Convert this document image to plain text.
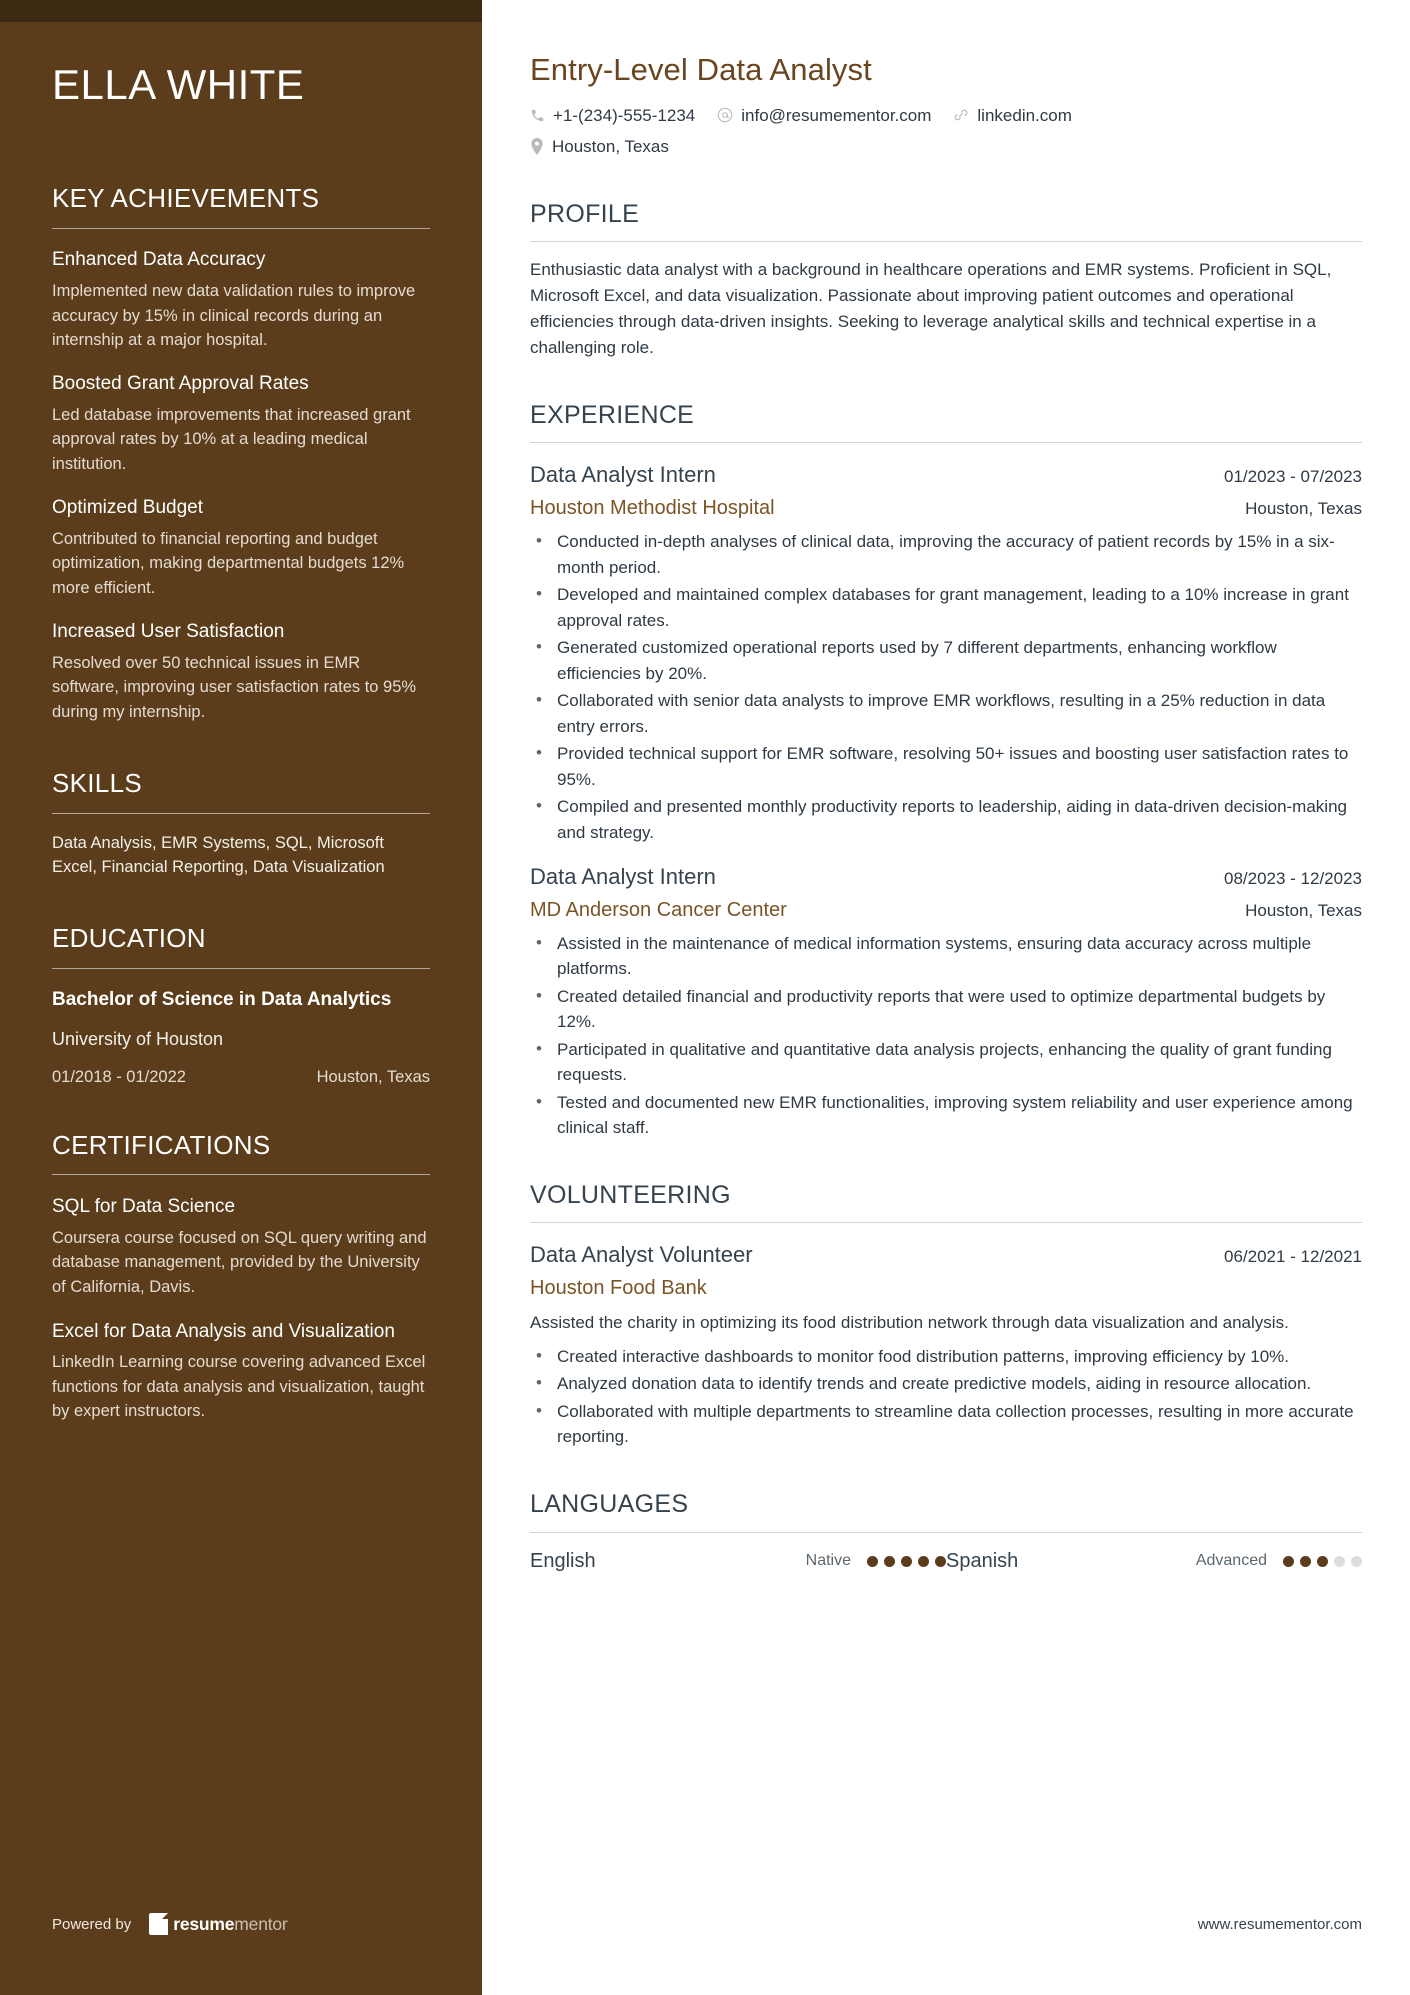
ELLA WHITE
KEY ACHIEVEMENTS
Enhanced Data Accuracy
Implemented new data validation rules to improve accuracy by 15% in clinical records during an internship at a major hospital.
Boosted Grant Approval Rates
Led database improvements that increased grant approval rates by 10% at a leading medical institution.
Optimized Budget
Contributed to financial reporting and budget optimization, making departmental budgets 12% more efficient.
Increased User Satisfaction
Resolved over 50 technical issues in EMR software, improving user satisfaction rates to 95% during my internship.
SKILLS
Data Analysis, EMR Systems, SQL, Microsoft Excel, Financial Reporting, Data Visualization
EDUCATION
Bachelor of Science in Data Analytics
University of Houston
01/2018 - 01/2022	Houston, Texas
CERTIFICATIONS
SQL for Data Science
Coursera course focused on SQL query writing and database management, provided by the University of California, Davis.
Excel for Data Analysis and Visualization
LinkedIn Learning course covering advanced Excel functions for data analysis and visualization, taught by expert instructors.
Powered by resumementor
Entry-Level Data Analyst
+1-(234)-555-1234	info@resumementor.com	linkedin.com
Houston, Texas
PROFILE

Enthusiastic data analyst with a background in healthcare operations and EMR systems. Proficient in SQL, Microsoft Excel, and data visualization. Passionate about improving patient outcomes and operational efficiencies through data-driven insights. Seeking to leverage analytical skills and technical expertise in a challenging role.

EXPERIENCE
Data Analyst Intern	01/2023 - 07/2023
Houston Methodist Hospital	Houston, Texas
• Conducted in-depth analyses of clinical data, improving the accuracy of patient records by 15% in a six-month period.
• Developed and maintained complex databases for grant management, leading to a 10% increase in grant approval rates.
• Generated customized operational reports used by 7 different departments, enhancing workflow efficiencies by 20%.
• Collaborated with senior data analysts to improve EMR workflows, resulting in a 25% reduction in data entry errors.
• Provided technical support for EMR software, resolving 50+ issues and boosting user satisfaction rates to 95%.
• Compiled and presented monthly productivity reports to leadership, aiding in data-driven decision-making and strategy.
Data Analyst Intern	08/2023 - 12/2023
MD Anderson Cancer Center	Houston, Texas
• Assisted in the maintenance of medical information systems, ensuring data accuracy across multiple platforms.
• Created detailed financial and productivity reports that were used to optimize departmental budgets by 12%.
• Participated in qualitative and quantitative data analysis projects, enhancing the quality of grant funding requests.
• Tested and documented new EMR functionalities, improving system reliability and user experience among clinical staff.
VOLUNTEERING
Data Analyst Volunteer	06/2021 - 12/2021
Houston Food Bank

Assisted the charity in optimizing its food distribution network through data visualization and analysis.

• Created interactive dashboards to monitor food distribution patterns, improving efficiency by 10%.
• Analyzed donation data to identify trends and create predictive models, aiding in resource allocation.
• Collaborated with multiple departments to streamline data collection processes, resulting in more accurate reporting.
LANGUAGES
English	Native	Spanish	Advanced
www.resumementor.com
